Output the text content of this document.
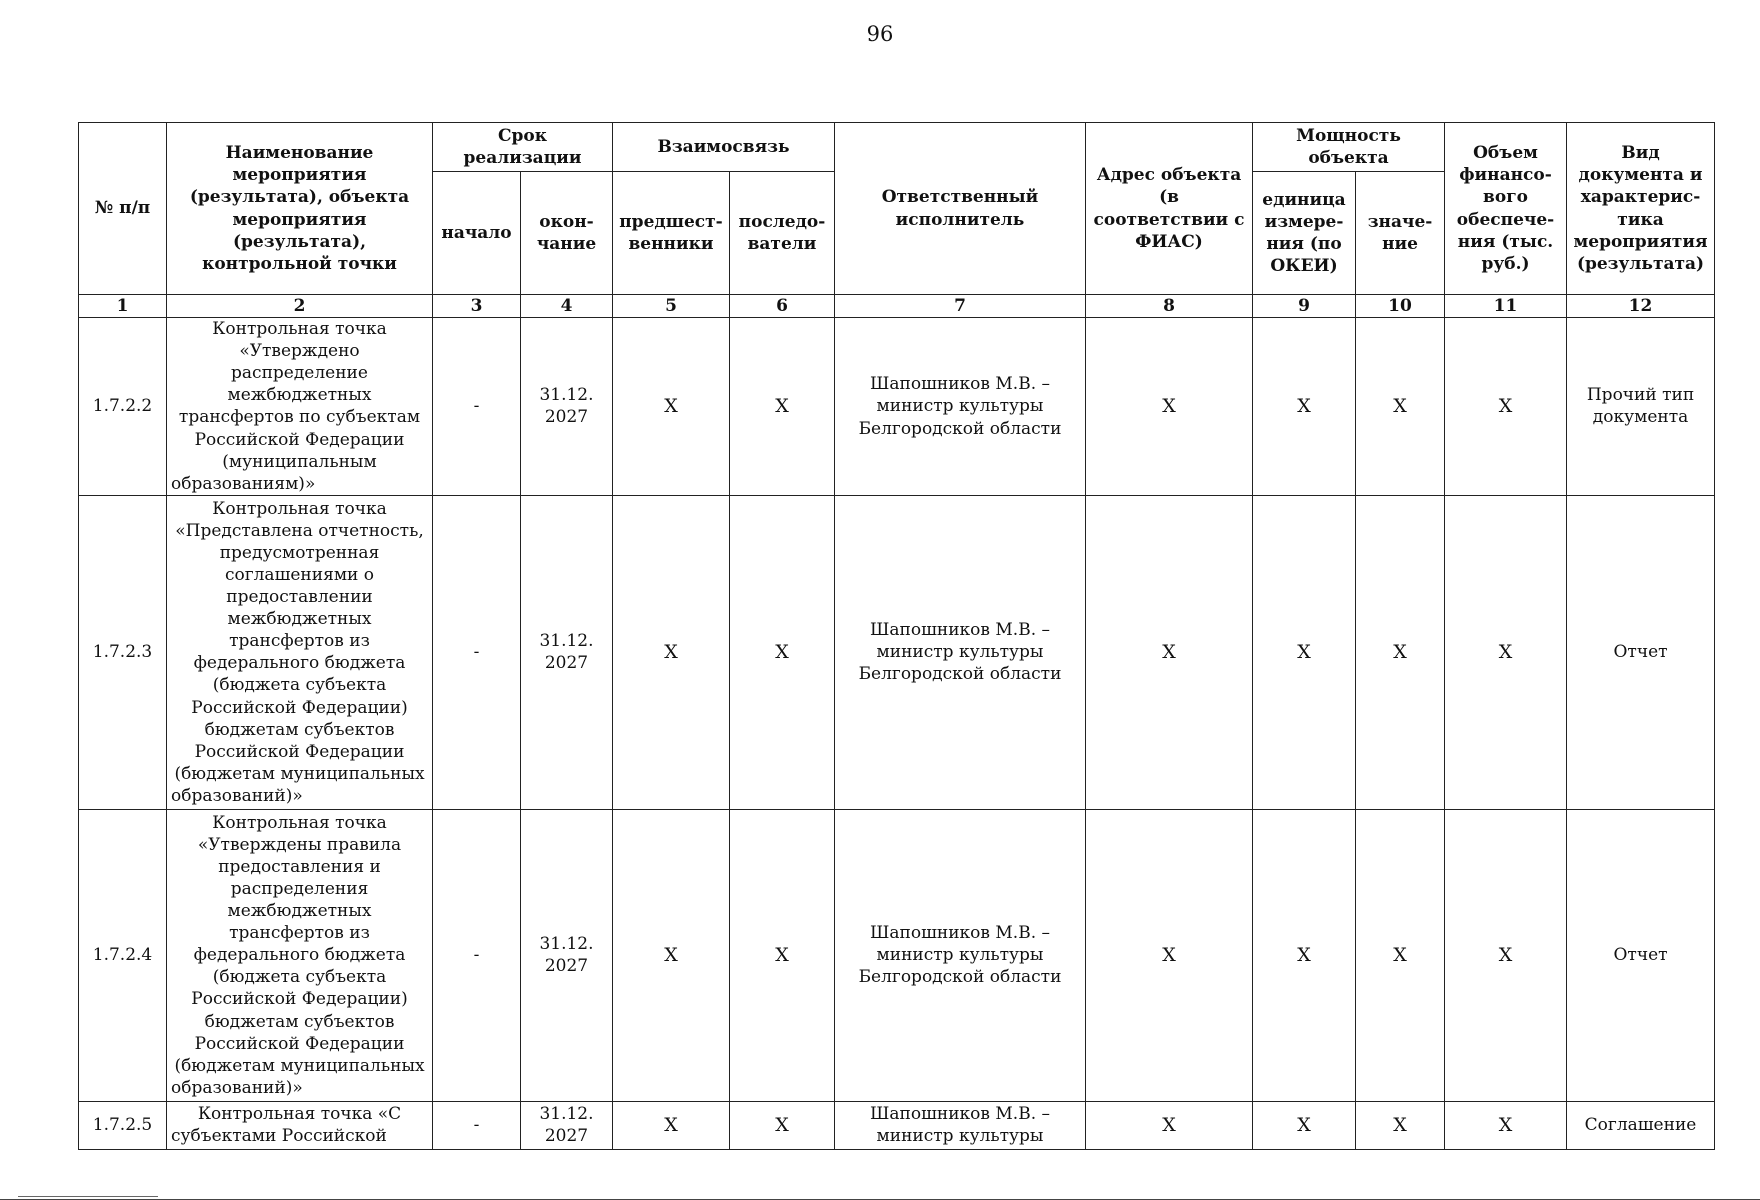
96
№ п/п	Наименование мероприятия (результата), объекта мероприятия (результата), контрольной точки	Срок реализации		Взаимосвязь		Ответственный исполнитель	Адрес объекта (в соответствии с ФИАС)	Мощность объекта		Объем финансо-вого обеспече-ния (тыс. руб.)	Вид документа и характерис-тика мероприятия (результата)
		начало	окон-чание	предшест-венники	последо-ватели			единица измере-ния (по ОКЕИ)	значе-ние		
1	2	3	4	5	6	7	8	9	10	11	12
1.7.2.2	Контрольная точка «Утверждено распределение межбюджетных трансфертов по субъектам Российской Федерации (муниципальным образованиям)»	-	31.12. 2027	Х	Х	Шапошников М.В. – министр культуры Белгородской области	Х	Х	Х	Х	Прочий тип документа
1.7.2.3	Контрольная точка «Представлена отчетность, предусмотренная соглашениями о предоставлении межбюджетных трансфертов из федерального бюджета (бюджета субъекта Российской Федерации) бюджетам субъектов Российской Федерации (бюджетам муниципальных образований)»	-	31.12. 2027	Х	Х	Шапошников М.В. – министр культуры Белгородской области	Х	Х	Х	Х	Отчет
1.7.2.4	Контрольная точка «Утверждены правила предоставления и распределения межбюджетных трансфертов из федерального бюджета (бюджета субъекта Российской Федерации) бюджетам субъектов Российской Федерации (бюджетам муниципальных образований)»	-	31.12. 2027	Х	Х	Шапошников М.В. – министр культуры Белгородской области	Х	Х	Х	Х	Отчет
1.7.2.5	Контрольная точка «С субъектами Российской	-	31.12. 2027	Х	Х	Шапошников М.В. – министр культуры	Х	Х	Х	Х	Соглашение
